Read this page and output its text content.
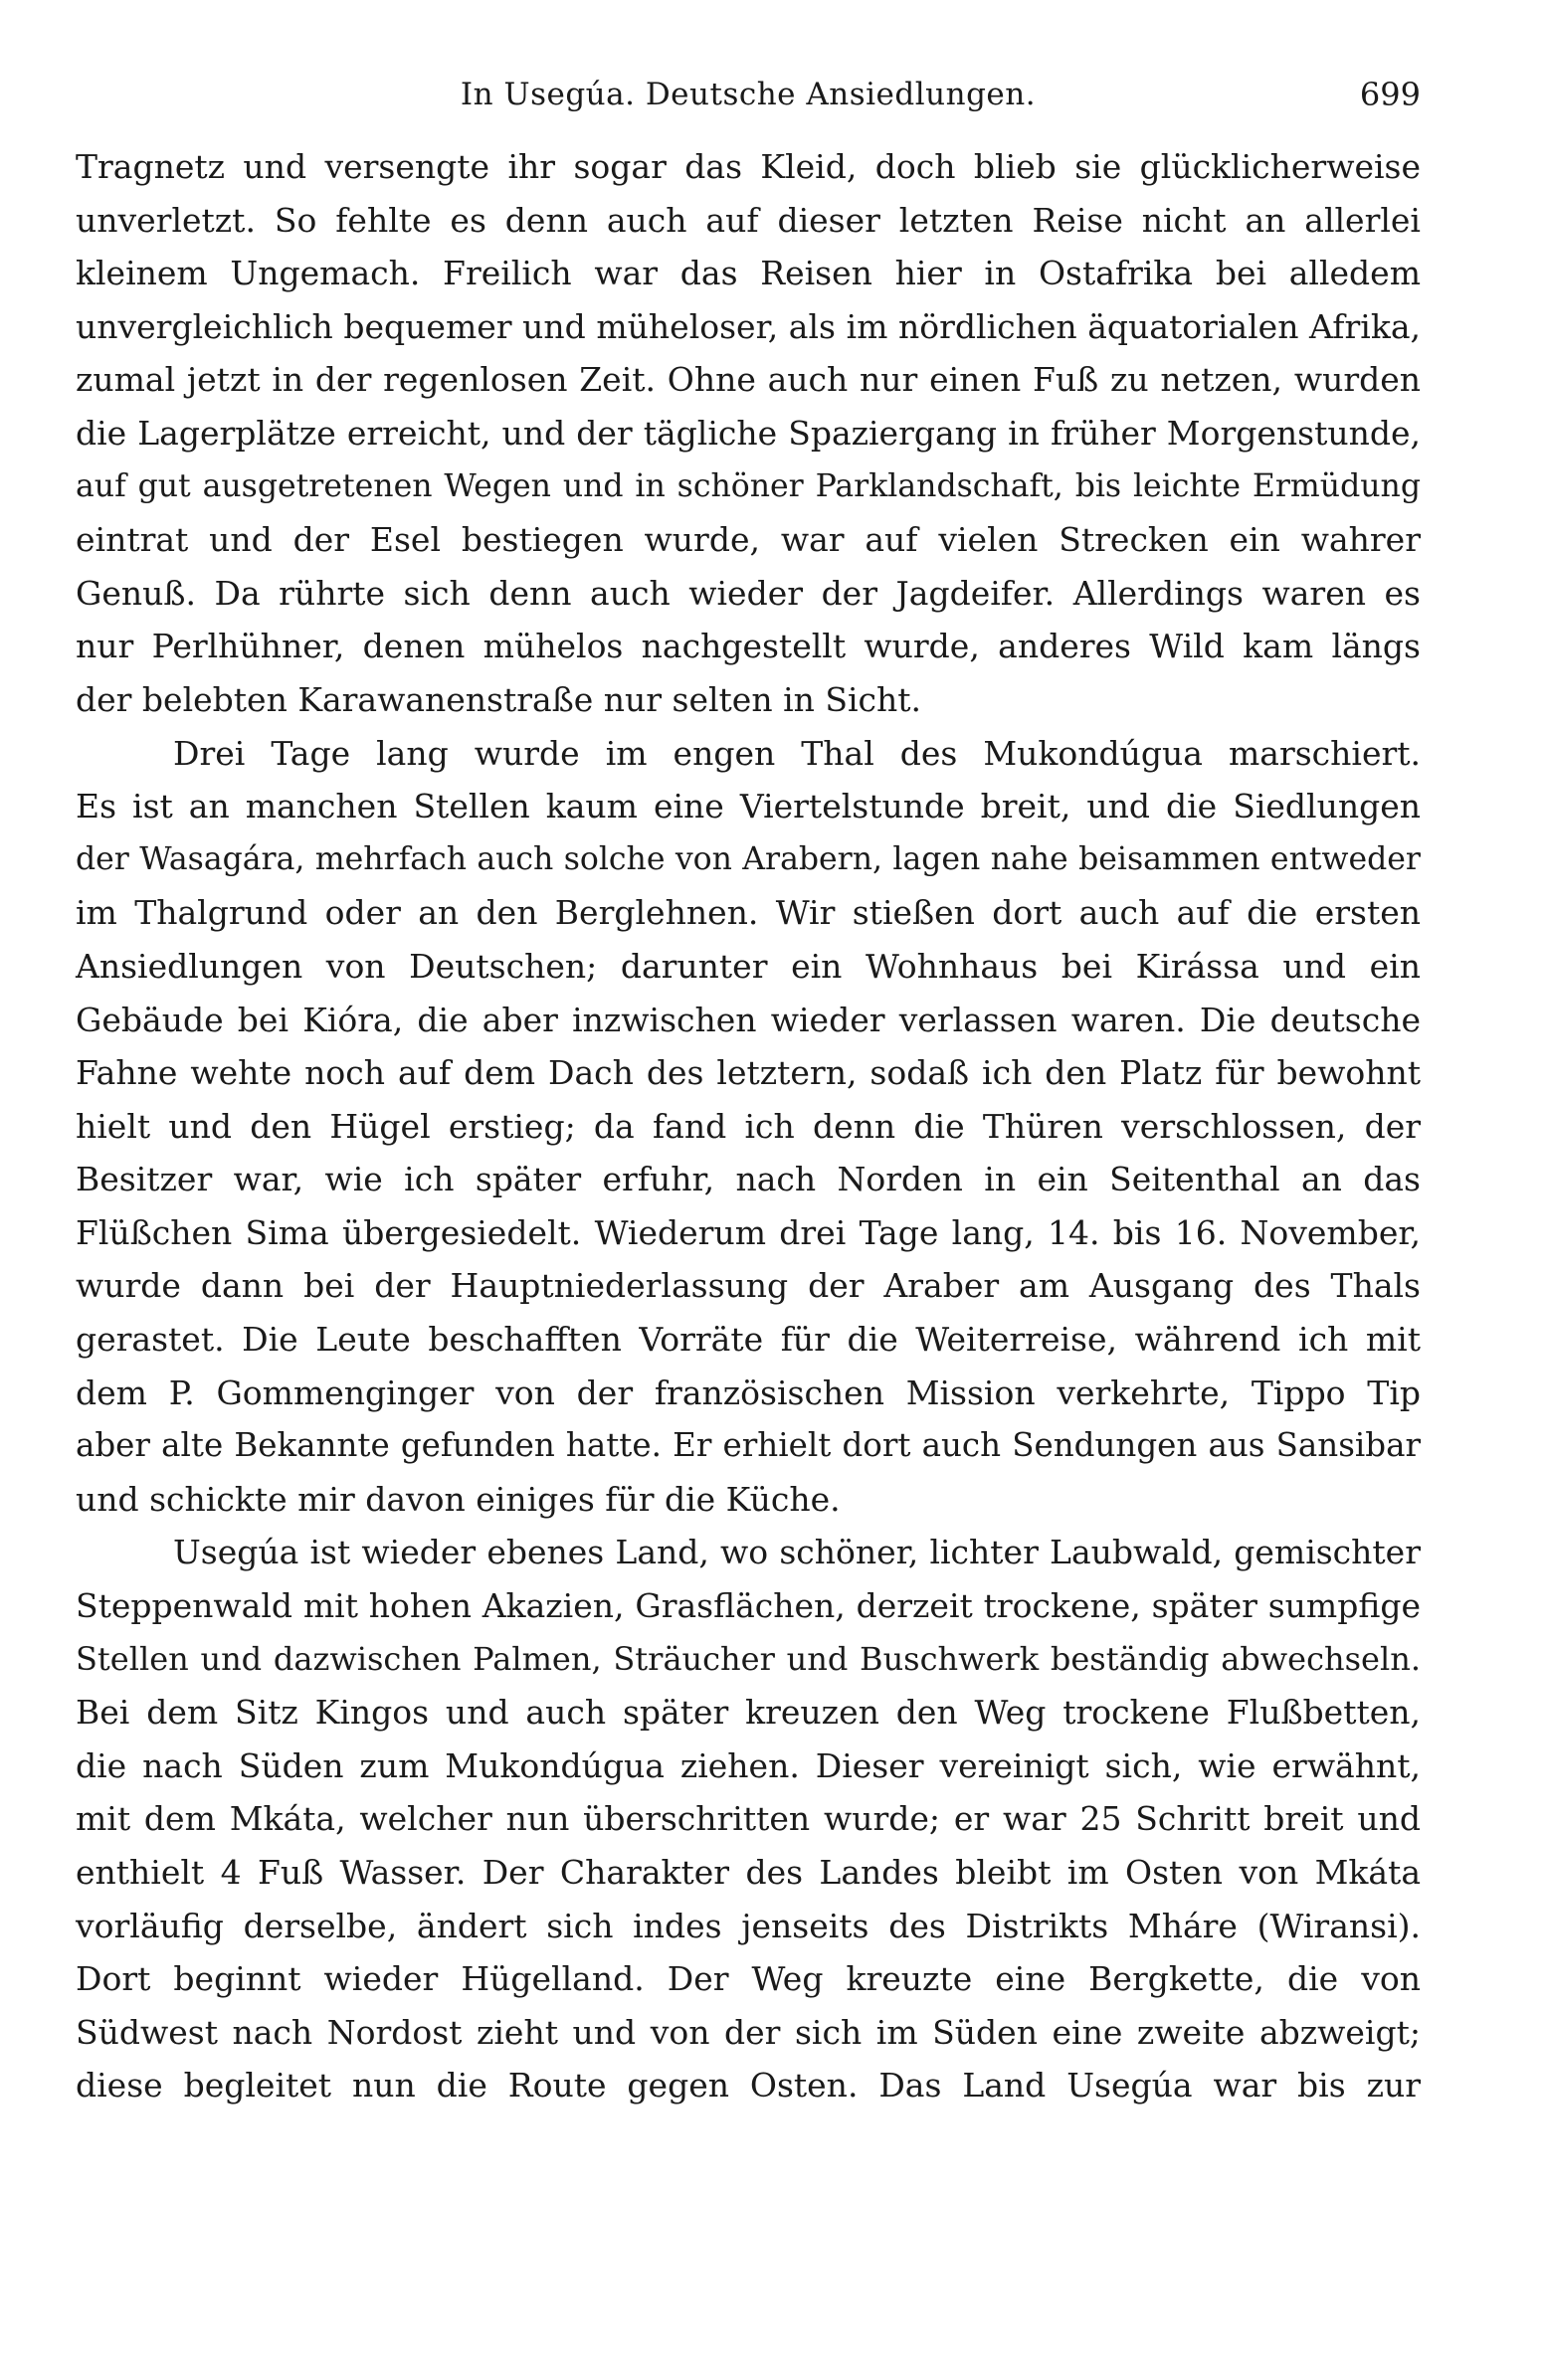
In Usegúa. Deutsche Ansiedlungen.	699
Tragnetz und versengte ihr sogar das Kleid, doch blieb sie glücklicherweise
unverletzt. So fehlte es denn auch auf dieser letzten Reise nicht an allerlei
kleinem Ungemach. Freilich war das Reisen hier in Ostafrika bei alledem
unvergleichlich bequemer und müheloser, als im nördlichen äquatorialen Afrika,
zumal jetzt in der regenlosen Zeit. Ohne auch nur einen Fuß zu netzen, wurden
die Lagerplätze erreicht, und der tägliche Spaziergang in früher Morgenstunde,
auf gut ausgetretenen Wegen und in schöner Parklandschaft, bis leichte Ermüdung
eintrat und der Esel bestiegen wurde, war auf vielen Strecken ein wahrer
Genuß. Da rührte sich denn auch wieder der Jagdeifer. Allerdings waren es
nur Perlhühner, denen mühelos nachgestellt wurde, anderes Wild kam längs
der belebten Karawanenstraße nur selten in Sicht.
Drei Tage lang wurde im engen Thal des Mukondúgua marschiert.
Es ist an manchen Stellen kaum eine Viertelstunde breit, und die Siedlungen
der Wasagára, mehrfach auch solche von Arabern, lagen nahe beisammen entweder
im Thalgrund oder an den Berglehnen. Wir stießen dort auch auf die ersten
Ansiedlungen von Deutschen; darunter ein Wohnhaus bei Kirássa und ein
Gebäude bei Kióra, die aber inzwischen wieder verlassen waren. Die deutsche
Fahne wehte noch auf dem Dach des letztern, sodaß ich den Platz für bewohnt
hielt und den Hügel erstieg; da fand ich denn die Thüren verschlossen, der
Besitzer war, wie ich später erfuhr, nach Norden in ein Seitenthal an das
Flüßchen Sima übergesiedelt. Wiederum drei Tage lang, 14. bis 16. November,
wurde dann bei der Hauptniederlassung der Araber am Ausgang des Thals
gerastet. Die Leute beschafften Vorräte für die Weiterreise, während ich mit
dem P. Gommenginger von der französischen Mission verkehrte, Tippo Tip
aber alte Bekannte gefunden hatte. Er erhielt dort auch Sendungen aus Sansibar
und schickte mir davon einiges für die Küche.
Usegúa ist wieder ebenes Land, wo schöner, lichter Laubwald, gemischter
Steppenwald mit hohen Akazien, Grasflächen, derzeit trockene, später sumpfige
Stellen und dazwischen Palmen, Sträucher und Buschwerk beständig abwechseln.
Bei dem Sitz Kingos und auch später kreuzen den Weg trockene Flußbetten,
die nach Süden zum Mukondúgua ziehen. Dieser vereinigt sich, wie erwähnt,
mit dem Mkáta, welcher nun überschritten wurde; er war 25 Schritt breit und
enthielt 4 Fuß Wasser. Der Charakter des Landes bleibt im Osten von Mkáta
vorläufig derselbe, ändert sich indes jenseits des Distrikts Mháre (Wiransi).
Dort beginnt wieder Hügelland. Der Weg kreuzte eine Bergkette, die von
Südwest nach Nordost zieht und von der sich im Süden eine zweite abzweigt;
diese begleitet nun die Route gegen Osten. Das Land Usegúa war bis zur
